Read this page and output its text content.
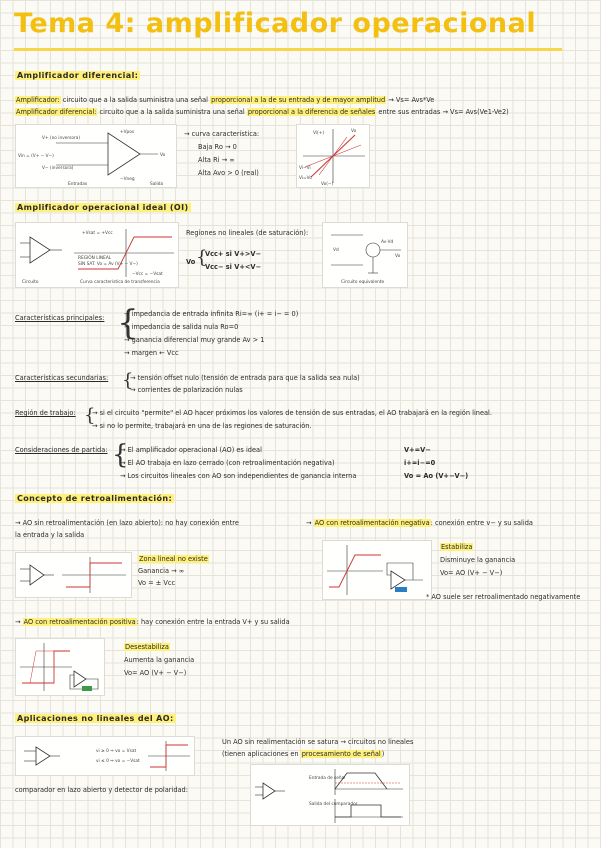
Tema 4: amplificador operacional
Amplificador diferencial:
Amplificador: circuito que a la salida suministra una señal proporcional a la de su entrada y de mayor amplitud → Vs= Avs*Ve
Amplificador diferencial: circuito que a la salida suministra una señal proporcional a la diferencia de señales entre sus entradas → Vs= Avs(Ve1-Ve2)
Vin = (V+ − V−)
V+ (no inversora)
V− (inversora)
Vo
+Vpos
−Vneg
Entradas	Salida
→ curva característica:
Baja Ro → 0
Alta Ri → ∞
Alta Avo > 0 (real)
Vi(+)	Vo
Vi−Vi
Vi=Vo
Vo(−)
Amplificador operacional ideal (OI)
Circuito
+Vsat = +Vcc
−Vcc = −Vsat
REGIÓN LINEAL
SIN SAT. Vo = Av (V+ − V−)
Curva característica de transferencia
Regiones no lineales (de saturación):
Vo {
Vcc+ si V+>V−
Vcc− si V+<V−
Vd
Av·Vd
Vo
Circuito equivalente
Características principales: {
→ impedancia de entrada infinita Ri=∞ (i+ = i− = 0)
→ impedancia de salida nula Ro=0
→ ganancia diferencial muy grande Av > 1
→ margen ← Vcc
Características secundarias: {
→ tensión offset nulo (tensión de entrada para que la salida sea nula)
→ corrientes de polarización nulas
Región de trabajo: {
→ si el circuito "permite" el AO hacer próximos los valores de tensión de sus entradas, el AO trabajará en la región lineal.
→ si no lo permite, trabajará en una de las regiones de saturación.
Consideraciones de partida: {
→ El amplificador operacional (AO) es ideal
→ El AO trabaja en lazo cerrado (con retroalimentación negativa)
→ Los circuitos lineales con AO son independientes de ganancia interna
V+=V−
i+=i−=0
Vo = Ao (V+−V−)
Concepto de retroalimentación:
→ AO sin retroalimentación (en lazo abierto): no hay conexión entre
la entrada y la salida
Zona lineal no existe
Ganancia → ∞
Vo = ± Vcc
→ AO con retroalimentación negativa: conexión entre v− y su salida
Estabiliza
Disminuye la ganancia
Vo= AO (V+ − V−)
* AO suele ser retroalimentado negativamente
→ AO con retroalimentación positiva: hay conexión entre la entrada V+ y su salida
Desestabiliza
Aumenta la ganancia
Vo= AO (V+ − V−)
Aplicaciones no lineales del AO:
vi ≥ 0 ⇒ vo = Vsat
vi ≤ 0 ⇒ vo = −Vsat
Un AO sin realimentación se satura → circuitos no lineales
(tienen aplicaciones en procesamiento de señal)
comparador en lazo abierto y detector de polaridad:
Entrada de señal
Salida del comparador
